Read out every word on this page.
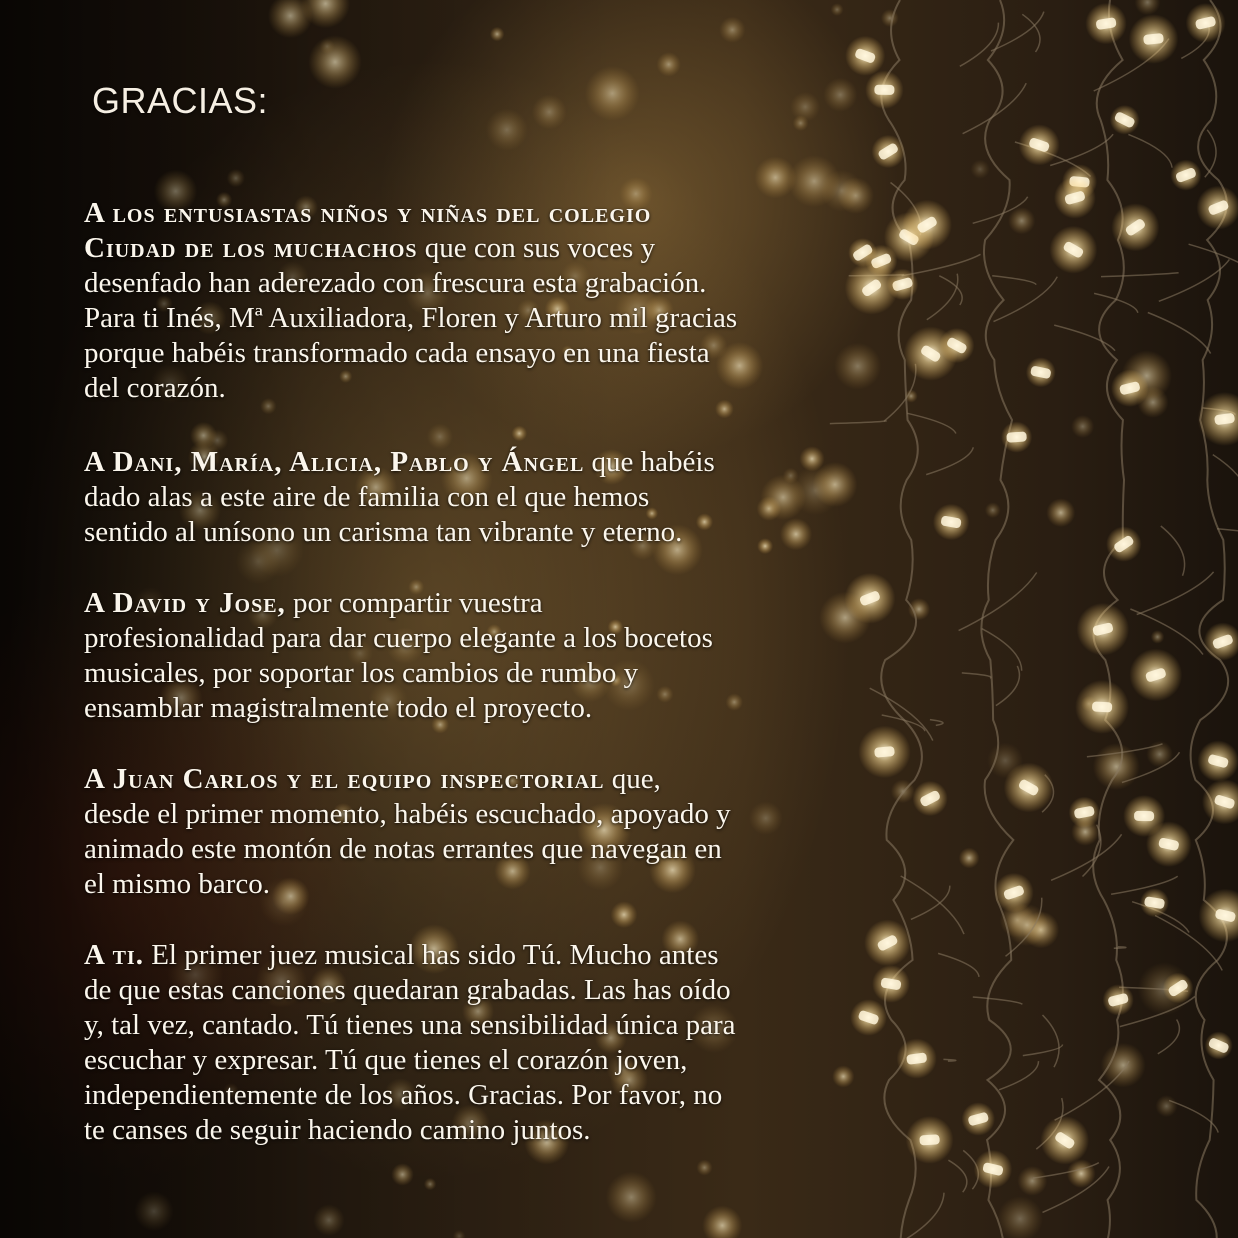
GRACIAS:

A los entusiastas niños y niñas del colegio
Ciudad de los muchachos que con sus voces y
desenfado han aderezado con frescura esta grabación.
Para ti Inés, Mª Auxiliadora, Floren y Arturo mil gracias
porque habéis transformado cada ensayo en una fiesta
del corazón.

A Dani, María, Alicia, Pablo y Ángel que habéis
dado alas a este aire de familia con el que hemos
sentido al unísono un carisma tan vibrante y eterno.

A David y Jose, por compartir vuestra
profesionalidad para dar cuerpo elegante a los bocetos
musicales, por soportar los cambios de rumbo y
ensamblar magistralmente todo el proyecto.

A Juan Carlos y el equipo inspectorial que,
desde el primer momento, habéis escuchado, apoyado y
animado este montón de notas errantes que navegan en
el mismo barco.

A ti. El primer juez musical has sido Tú. Mucho antes
de que estas canciones quedaran grabadas. Las has oído
y, tal vez, cantado. Tú tienes una sensibilidad única para
escuchar y expresar. Tú que tienes el corazón joven,
independientemente de los años. Gracias. Por favor, no
te canses de seguir haciendo camino juntos.
